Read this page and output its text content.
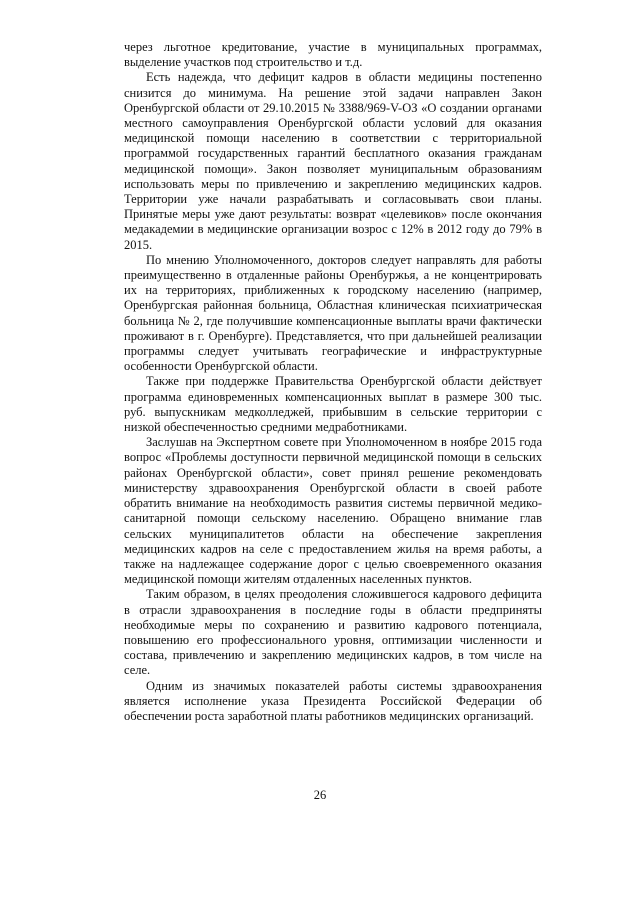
через льготное кредитование, участие в муниципальных программах, выделение участков под строительство и т.д.

Есть надежда, что дефицит кадров в области медицины постепенно снизится до минимума. На решение этой задачи направлен Закон Оренбургской области от 29.10.2015 № 3388/969-V-ОЗ «О создании органами местного самоуправления Оренбургской области условий для оказания медицинской помощи населению в соответствии с территориальной программой государственных гарантий бесплатного оказания гражданам медицинской помощи». Закон позволяет муниципальным образованиям использовать меры по привлечению и закреплению медицинских кадров. Территории уже начали разрабатывать и согласовывать свои планы. Принятые меры уже дают результаты: возврат «целевиков» после окончания медакадемии в медицинские организации возрос с 12% в 2012 году до 79% в 2015.

По мнению Уполномоченного, докторов следует направлять для работы преимущественно в отдаленные районы Оренбуржья, а не концентрировать их на территориях, приближенных к городскому населению (например, Оренбургская районная больница, Областная клиническая психиатрическая больница № 2, где получившие компенсационные выплаты врачи фактически проживают в г. Оренбурге). Представляется, что при дальнейшей реализации программы следует учитывать географические и инфраструктурные особенности Оренбургской области.

Также при поддержке Правительства Оренбургской области действует программа единовременных компенсационных выплат в размере 300 тыс. руб. выпускникам медколледжей, прибывшим в сельские территории с низкой обеспеченностью средними медработниками.

Заслушав на Экспертном совете при Уполномоченном в ноябре 2015 года вопрос «Проблемы доступности первичной медицинской помощи в сельских районах Оренбургской области», совет принял решение рекомендовать министерству здравоохранения Оренбургской области в своей работе обратить внимание на необходимость развития системы первичной медико-санитарной помощи сельскому населению. Обращено внимание глав сельских муниципалитетов области на обеспечение закрепления медицинских кадров на селе с предоставлением жилья на время работы, а также на надлежащее содержание дорог с целью своевременного оказания медицинской помощи жителям отдаленных населенных пунктов.

Таким образом, в целях преодоления сложившегося кадрового дефицита в отрасли здравоохранения в последние годы в области предприняты необходимые меры по сохранению и развитию кадрового потенциала, повышению его профессионального уровня, оптимизации численности и состава, привлечению и закреплению медицинских кадров, в том числе на селе.

Одним из значимых показателей работы системы здравоохранения является исполнение указа Президента Российской Федерации об обеспечении роста заработной платы работников медицинских организаций.

26
